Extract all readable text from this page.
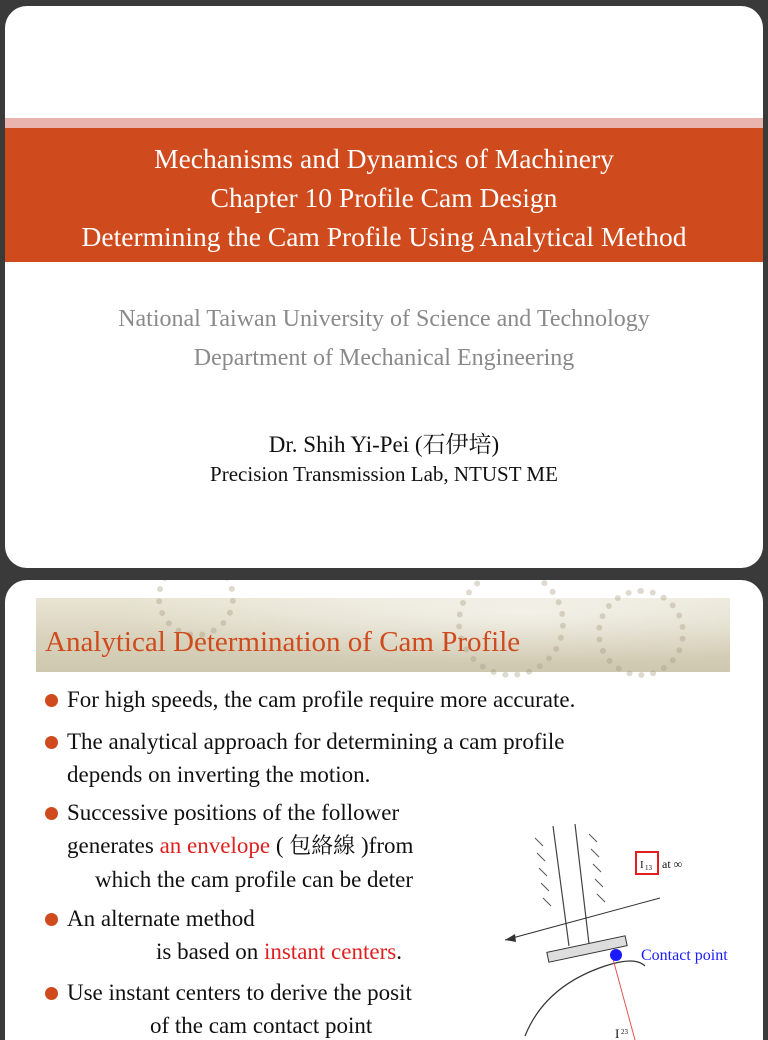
Mechanisms and Dynamics of Machinery
Chapter 10 Profile Cam Design
Determining the Cam Profile Using Analytical Method
National Taiwan University of Science and Technology
Department of Mechanical Engineering
Dr. Shih Yi-Pei (石伊培)
Precision Transmission Lab, NTUST ME
Analytical Determination of Cam Profile
For high speeds, the cam profile require more accurate.
The analytical approach for determining a cam profile
depends on inverting the motion.
Successive positions of the follower
generates an envelope ( 包絡線 )from
which the cam profile can be deter
An alternate method
is based on instant centers.
Use instant centers to derive the posit
of the cam contact point
I 13 at ∞
Contact point
I 23
